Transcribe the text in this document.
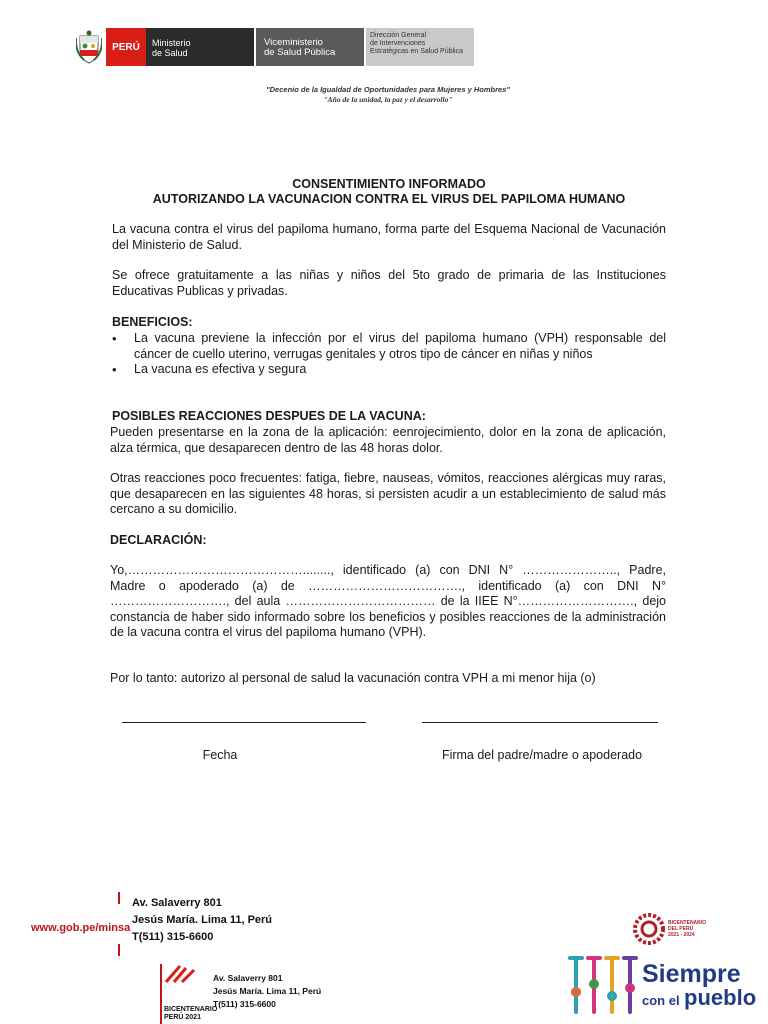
PERÚ Ministerio
de Salud
Viceministerio
de Salud Pública
Dirección General
de Intervenciones
Estratégicas en Salud Pública
"Decenio de la Igualdad de Oportunidades para Mujeres y Hombres"
"Año de la unidad, la paz y el desarrollo"
CONSENTIMIENTO INFORMADO
AUTORIZANDO LA VACUNACION CONTRA EL VIRUS DEL PAPILOMA HUMANO
La vacuna contra el virus del papiloma humano, forma parte del Esquema Nacional de Vacunación del Ministerio de Salud.
Se ofrece gratuitamente a las niñas y niños del 5to grado de primaria de las Instituciones Educativas Publicas y privadas.
BENEFICIOS:
• La vacuna previene la infección por el virus del papiloma humano (VPH) responsable del cáncer de cuello uterino, verrugas genitales y otros tipo de cáncer en niñas y niños
• La vacuna es efectiva y segura
POSIBLES REACCIONES DESPUES DE LA VACUNA:
Pueden presentarse en la zona de la aplicación: eenrojecimiento, dolor en la zona de aplicación, alza térmica, que desaparecen dentro de las 48 horas dolor.
Otras reacciones poco frecuentes: fatiga, fiebre, nauseas, vómitos, reacciones alérgicas muy raras, que desaparecen en las siguientes 48 horas, si persisten acudir a un establecimiento de salud más cercano a su domicilio.
DECLARACIÓN:
Yo,……………………………………........, identificado (a) con DNI N° ………………….., Padre, Madre o apoderado (a) de ………………………………., identificado (a) con DNI N° ………………………., del aula ……………………………… de la IIEE N°………………………., dejo constancia de haber sido informado sobre los beneficios y posibles reacciones de la administración de la vacuna contra el virus del papiloma humano (VPH).
Por lo tanto: autorizo al personal de salud la vacunación contra VPH a mi menor hija (o)
Fecha	Firma del padre/madre o apoderado
www.gob.pe/minsa
Av. Salaverry 801
Jesús María. Lima 11, Perú
T(511) 315-6600
Av. Salaverry 801
Jesús María. Lima 11, Perú
T(511) 315-6600
BICENTENARIO
PERÚ 2021
BICENTENARIO
DEL PERÚ
2021 - 2024
Siempre
con el pueblo
